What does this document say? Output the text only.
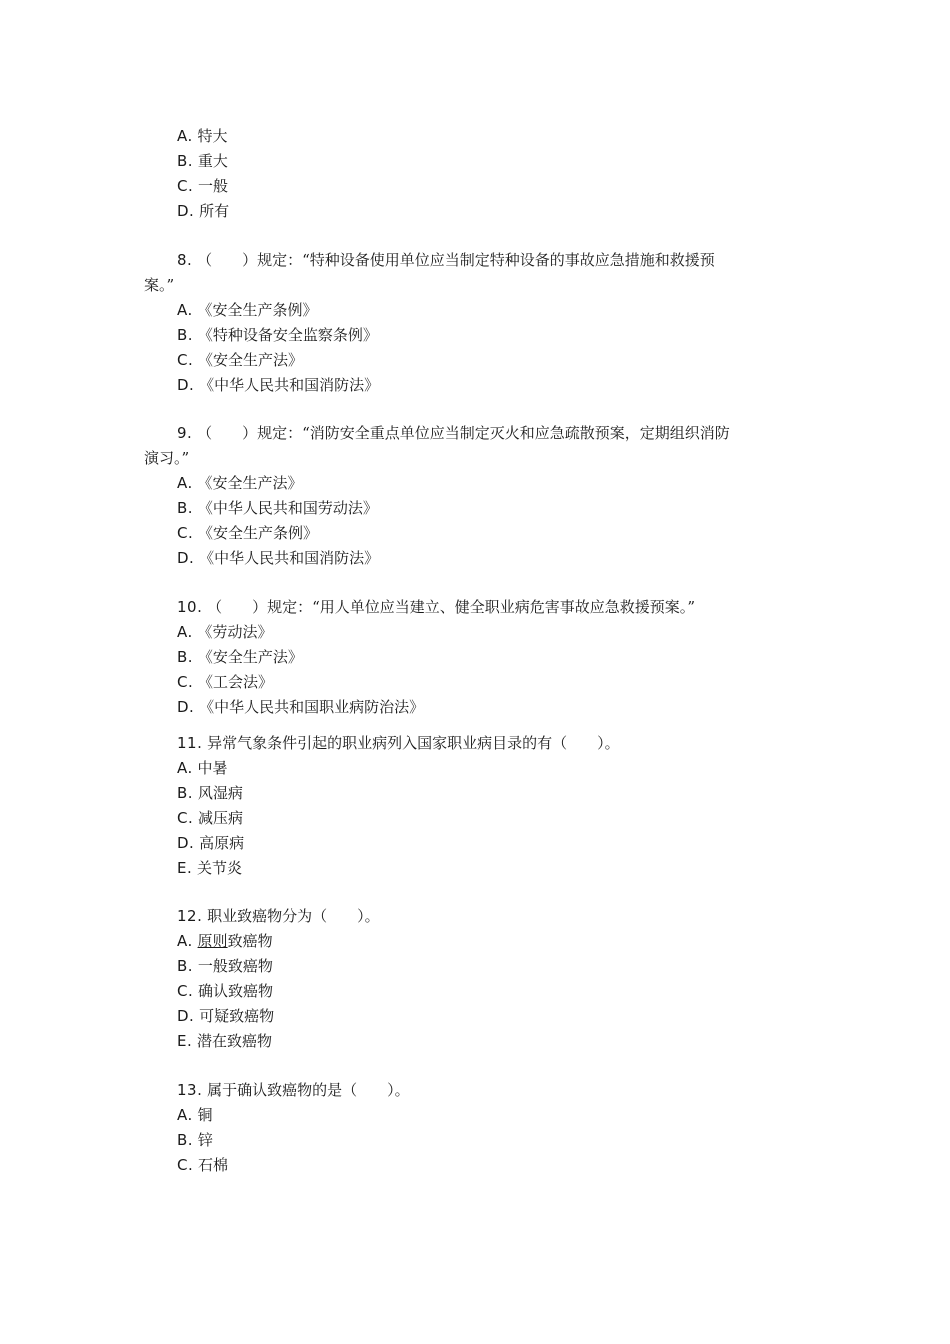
A. 特大
B. 重大
C. 一般
D. 所有
8. （　　）规定：“特种设备使用单位应当制定特种设备的事故应急措施和救援预
案。”
A. 《安全生产条例》
B. 《特种设备安全监察条例》
C. 《安全生产法》
D. 《中华人民共和国消防法》
9. （　　）规定：“消防安全重点单位应当制定灭火和应急疏散预案，定期组织消防
演习。”
A. 《安全生产法》
B. 《中华人民共和国劳动法》
C. 《安全生产条例》
D. 《中华人民共和国消防法》
10. （　　）规定：“用人单位应当建立、健全职业病危害事故应急救援预案。”
A. 《劳动法》
B. 《安全生产法》
C. 《工会法》
D. 《中华人民共和国职业病防治法》
11. 异常气象条件引起的职业病列入国家职业病目录的有（　　）。
A. 中暑
B. 风湿病
C. 减压病
D. 高原病
E. 关节炎
12. 职业致癌物分为（　　）。
A. 原则致癌物
B. 一般致癌物
C. 确认致癌物
D. 可疑致癌物
E. 潜在致癌物
13. 属于确认致癌物的是（　　）。
A. 铜
B. 锌
C. 石棉
